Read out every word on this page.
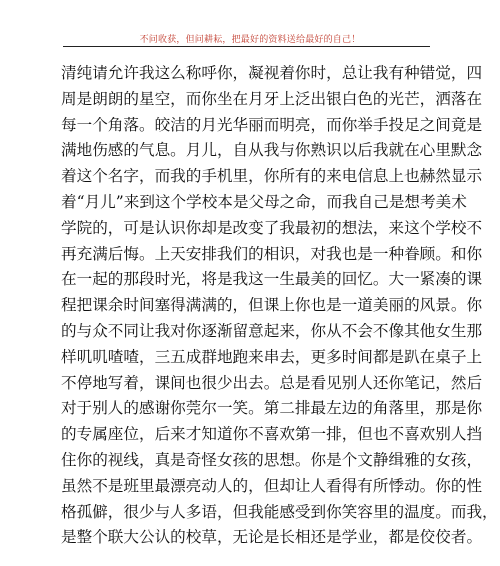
不问收获，但问耕耘，把最好的资料送给最好的自己！
清纯请允许我这么称呼你，凝视着你时，总让我有种错觉，四
周是朗朗的星空，而你坐在月牙上泛出银白色的光芒，洒落在
每一个角落。皎洁的月光华丽而明亮，而你举手投足之间竟是
满地伤感的气息。月儿，自从我与你熟识以后我就在心里默念
着这个名字，而我的手机里，你所有的来电信息上也赫然显示
着“月儿”来到这个学校本是父母之命，而我自己是想考美术
学院的，可是认识你却是改变了我最初的想法，来这个学校不
再充满后悔。上天安排我们的相识，对我也是一种眷顾。和你
在一起的那段时光，将是我这一生最美的回忆。大一紧凑的课
程把课余时间塞得满满的，但课上你也是一道美丽的风景。你
的与众不同让我对你逐渐留意起来，你从不会不像其他女生那
样叽叽喳喳，三五成群地跑来串去，更多时间都是趴在桌子上
不停地写着，课间也很少出去。总是看见别人还你笔记，然后
对于别人的感谢你莞尔一笑。第二排最左边的角落里，那是你
的专属座位，后来才知道你不喜欢第一排，但也不喜欢别人挡
住你的视线，真是奇怪女孩的思想。你是个文静缉雅的女孩，
虽然不是班里最漂亮动人的，但却让人看得有所悸动。你的性
格孤僻，很少与人多语，但我能感受到你笑容里的温度。而我，
是整个联大公认的校草，无论是长相还是学业，都是佼佼者。
